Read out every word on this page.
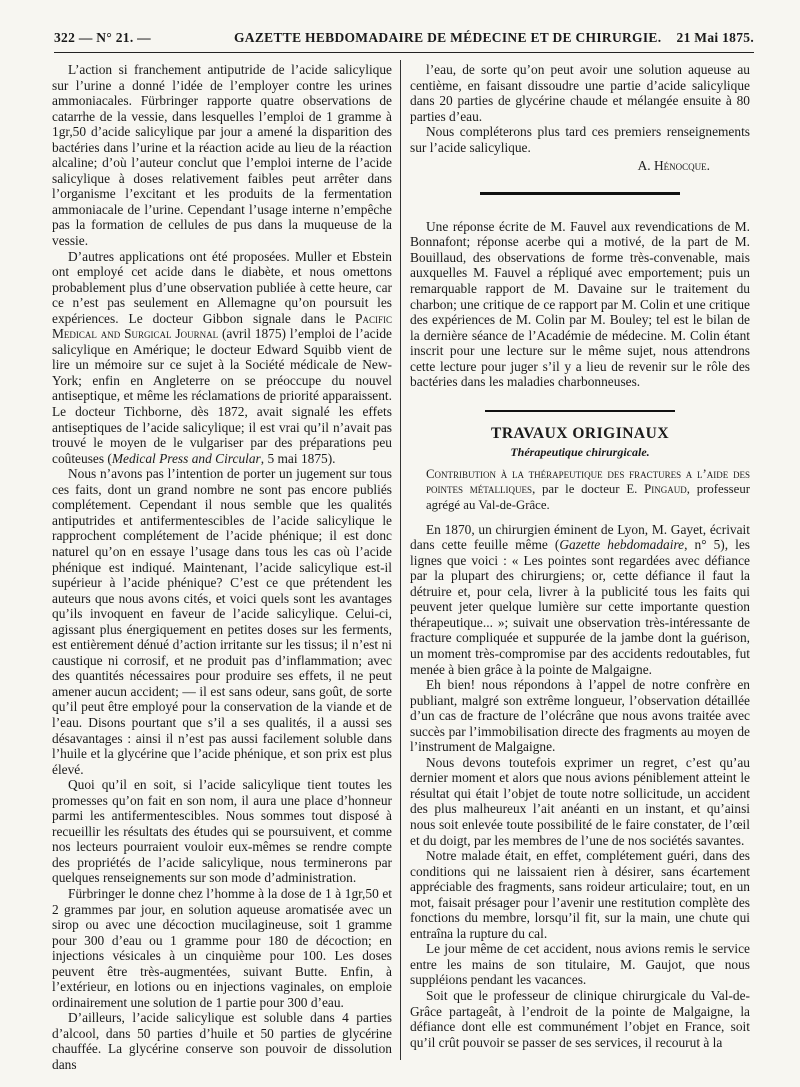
322 — N° 21. —	GAZETTE HEBDOMADAIRE DE MÉDECINE ET DE CHIRURGIE. 21 Mai 1875.

L’action si franchement antiputride de l’acide salicylique sur l’urine a donné l’idée de l’employer contre les urines ammoniacales. Fürbringer rapporte quatre observations de catarrhe de la vessie, dans lesquelles l’emploi de 1 gramme à 1gr,50 d’acide salicylique par jour a amené la disparition des bactéries dans l’urine et la réaction acide au lieu de la réaction alcaline; d’où l’auteur conclut que l’emploi interne de l’acide salicylique à doses relativement faibles peut arrêter dans l’organisme l’excitant et les produits de la fermentation ammoniacale de l’urine. Cependant l’usage interne n’empêche pas la formation de cellules de pus dans la muqueuse de la vessie.

D’autres applications ont été proposées. Muller et Ebstein ont employé cet acide dans le diabète, et nous omettons probablement plus d’une observation publiée à cette heure, car ce n’est pas seulement en Allemagne qu’on poursuit les expériences. Le docteur Gibbon signale dans le Pacific Medical and Surgical Journal (avril 1875) l’emploi de l’acide salicylique en Amérique; le docteur Edward Squibb vient de lire un mémoire sur ce sujet à la Société médicale de New-York; enfin en Angleterre on se préoccupe du nouvel antiseptique, et même les réclamations de priorité apparaissent. Le docteur Tichborne, dès 1872, avait signalé les effets antiseptiques de l’acide salicylique; il est vrai qu’il n’avait pas trouvé le moyen de le vulgariser par des préparations peu coûteuses (Medical Press and Circular, 5 mai 1875).

Nous n’avons pas l’intention de porter un jugement sur tous ces faits, dont un grand nombre ne sont pas encore publiés complétement. Cependant il nous semble que les qualités antiputrides et antifermentescibles de l’acide salicylique le rapprochent complétement de l’acide phénique; il est donc naturel qu’on en essaye l’usage dans tous les cas où l’acide phénique est indiqué. Maintenant, l’acide salicylique est-il supérieur à l’acide phénique? C’est ce que prétendent les auteurs que nous avons cités, et voici quels sont les avantages qu’ils invoquent en faveur de l’acide salicylique. Celui-ci, agissant plus énergiquement en petites doses sur les ferments, est entièrement dénué d’action irritante sur les tissus; il n’est ni caustique ni corrosif, et ne produit pas d’inflammation; avec des quantités nécessaires pour produire ses effets, il ne peut amener aucun accident; — il est sans odeur, sans goût, de sorte qu’il peut être employé pour la conservation de la viande et de l’eau. Disons pourtant que s’il a ses qualités, il a aussi ses désavantages : ainsi il n’est pas aussi facilement soluble dans l’huile et la glycérine que l’acide phénique, et son prix est plus élevé.

Quoi qu’il en soit, si l’acide salicylique tient toutes les promesses qu’on fait en son nom, il aura une place d’honneur parmi les antifermentescibles. Nous sommes tout disposé à recueillir les résultats des études qui se poursuivent, et comme nos lecteurs pourraient vouloir eux-mêmes se rendre compte des propriétés de l’acide salicylique, nous terminerons par quelques renseignements sur son mode d’administration.

Fürbringer le donne chez l’homme à la dose de 1 à 1gr,50 et 2 grammes par jour, en solution aqueuse aromatisée avec un sirop ou avec une décoction mucilagineuse, soit 1 gramme pour 300 d’eau ou 1 gramme pour 180 de décoction; en injections vésicales à un cinquième pour 100. Les doses peuvent être très-augmentées, suivant Butte. Enfin, à l’extérieur, en lotions ou en injections vaginales, on emploie ordinairement une solution de 1 partie pour 300 d’eau.

D’ailleurs, l’acide salicylique est soluble dans 4 parties d’alcool, dans 50 parties d’huile et 50 parties de glycérine chauffée. La glycérine conserve son pouvoir de dissolution dans

l’eau, de sorte qu’on peut avoir une solution aqueuse au centième, en faisant dissoudre une partie d’acide salicylique dans 20 parties de glycérine chaude et mélangée ensuite à 80 parties d’eau.

Nous compléterons plus tard ces premiers renseignements sur l’acide salicylique.

A. Hénocque.

Une réponse écrite de M. Fauvel aux revendications de M. Bonnafont; réponse acerbe qui a motivé, de la part de M. Bouillaud, des observations de forme très-convenable, mais auxquelles M. Fauvel a répliqué avec emportement; puis un remarquable rapport de M. Davaine sur le traitement du charbon; une critique de ce rapport par M. Colin et une critique des expériences de M. Colin par M. Bouley; tel est le bilan de la dernière séance de l’Académie de médecine. M. Colin étant inscrit pour une lecture sur le même sujet, nous attendrons cette lecture pour juger s’il y a lieu de revenir sur le rôle des bactéries dans les maladies charbonneuses.

TRAVAUX ORIGINAUX
Thérapeutique chirurgicale.

Contribution à la thérapeutique des fractures a l’aide des pointes métalliques, par le docteur E. Pingaud, professeur agrégé au Val-de-Grâce.

En 1870, un chirurgien éminent de Lyon, M. Gayet, écrivait dans cette feuille même (Gazette hebdomadaire, n° 5), les lignes que voici : « Les pointes sont regardées avec défiance par la plupart des chirurgiens; or, cette défiance il faut la détruire et, pour cela, livrer à la publicité tous les faits qui peuvent jeter quelque lumière sur cette importante question thérapeutique... »; suivait une observation très-intéressante de fracture compliquée et suppurée de la jambe dont la guérison, un moment très-compromise par des accidents redoutables, fut menée à bien grâce à la pointe de Malgaigne.

Eh bien! nous répondons à l’appel de notre confrère en publiant, malgré son extrême longueur, l’observation détaillée d’un cas de fracture de l’olécrâne que nous avons traitée avec succès par l’immobilisation directe des fragments au moyen de l’instrument de Malgaigne.

Nous devons toutefois exprimer un regret, c’est qu’au dernier moment et alors que nous avions péniblement atteint le résultat qui était l’objet de toute notre sollicitude, un accident des plus malheureux l’ait anéanti en un instant, et qu’ainsi nous soit enlevée toute possibilité de le faire constater, de l’œil et du doigt, par les membres de l’une de nos sociétés savantes.

Notre malade était, en effet, complétement guéri, dans des conditions qui ne laissaient rien à désirer, sans écartement appréciable des fragments, sans roideur articulaire; tout, en un mot, faisait présager pour l’avenir une restitution complète des fonctions du membre, lorsqu’il fit, sur la main, une chute qui entraîna la rupture du cal.

Le jour même de cet accident, nous avions remis le service entre les mains de son titulaire, M. Gaujot, que nous suppléions pendant les vacances.

Soit que le professeur de clinique chirurgicale du Val-de-Grâce partageât, à l’endroit de la pointe de Malgaigne, la défiance dont elle est communément l’objet en France, soit qu’il crût pouvoir se passer de ses services, il recourut à la
